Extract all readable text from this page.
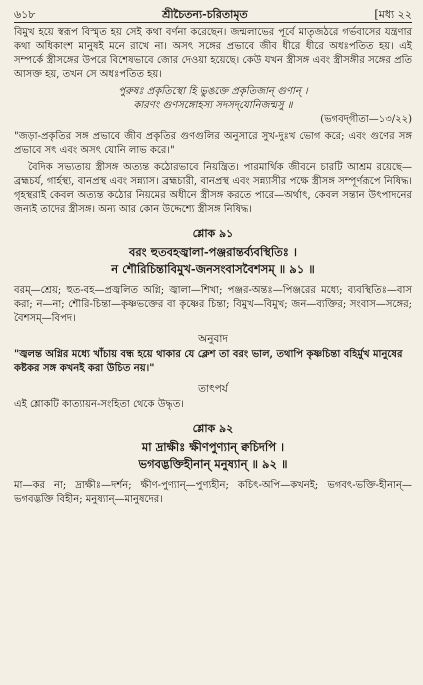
৬১৮	শ্রীচৈতন্য-চরিতামৃত	[মধ্য ২২

বিমুখ হয়ে স্বরূপ বিস্মৃত হয় সেই কথা বর্ণনা করেছেন। জন্মলাভের পূর্বে মাতৃজঠরে গর্ভবাসের যন্ত্রণার কথা অধিকাংশ মানুষই মনে রাখে না। অসৎ সঙ্গের প্রভাবে জীব ধীরে ধীরে অধঃপতিত হয়। এই সম্পর্কে স্ত্রীসঙ্গের উপরে বিশেষভাবে জোর দেওয়া হয়েছে। কেউ যখন স্ত্রীসঙ্গ এবং স্ত্রীসঙ্গীর সঙ্গের প্রতি আসক্ত হয়, তখন সে অধঃপতিত হয়।

পুরুষঃ প্রকৃতিস্থো হি ভুঙক্তে প্রকৃতিজান্ গুণান্ ।

কারণং গুণসঙ্গোহস্য সদসদ্‌যোনিজন্মসু ॥

(ভগবদ্‌গীতা—১৩/২২)

"জড়া-প্রকৃতির সঙ্গ প্রভাবে জীব প্রকৃতির গুণগুলির অনুসারে সুখ-দুঃখ ভোগ করে; এবং গুণের সঙ্গ প্রভাবে সৎ এবং অসৎ যোনি লাভ করে।"

বৈদিক সভ্যতায় স্ত্রীসঙ্গ অত্যন্ত কঠোরভাবে নিয়ন্ত্রিত। পারমার্থিক জীবনে চারটি আশ্রম রয়েছে—ব্রহ্মচর্য, গার্হস্থ্য, বানপ্রস্থ এবং সন্ন্যাস। ব্রহ্মচারী, বানপ্রস্থ এবং সন্ন্যাসীর পক্ষে স্ত্রীসঙ্গ সম্পূর্ণরূপে নিষিদ্ধ। গৃহস্থরাই কেবল অত্যন্ত কঠোর নিয়মের অধীনে স্ত্রীসঙ্গ করতে পারে—অর্থাৎ, কেবল সন্তান উৎপাদনের জন্যই তাদের স্ত্রীসঙ্গ। অন্য আর কোন উদ্দেশ্যে স্ত্রীসঙ্গ নিষিদ্ধ।

শ্লোক ৯১

বরং হুতবহজ্বালা-পঞ্জরান্তর্ব্যবস্থিতিঃ ।

ন শৌরিচিন্তাবিমুখ-জনসংবাসবৈশসম্ ॥ ৯১ ॥

বরম্—শ্রেয়; হুত-বহ—প্রজ্বলিত অগ্নি; জ্বালা—শিখা; পঞ্জর-অন্তঃ—পিঞ্জরের মধ্যে; ব্যবস্থিতিঃ—বাস করা; ন—না; শৌরি-চিন্তা—কৃষ্ণভক্তের বা কৃষ্ণের চিন্তা; বিমুখ—বিমুখ; জন—ব্যক্তির; সংবাস—সঙ্গের; বৈশসম্—বিপদ।

অনুবাদ

"জ্বলন্ত অগ্নির মধ্যে খাঁচায় বন্ধ হয়ে থাকার যে ক্লেশ তা বরং ভাল, তথাপি কৃষ্ণচিন্তা বহির্মুখ মানুষের কষ্টকর সঙ্গ কখনই করা উচিত নয়।"

তাৎপর্য

এই শ্লোকটি কাত্যায়ন-সংহিতা থেকে উদ্ধৃত।

শ্লোক ৯২

মা দ্রাক্ষীঃ ক্ষীণপুণ্যান্ ক্বচিদপি ।

ভগবদ্ভক্তিহীনান্ মনুষ্যান্ ॥ ৯২ ॥

মা—কর না; দ্রাক্ষীঃ—দর্শন; ক্ষীণ-পুণ্যান্—পুণ্যহীন; কচিৎ-অপি—কখনই; ভগবৎ-ভক্তি-হীনান্—ভগবদ্ভক্তি বিহীন; মনুষ্যান্—মানুষদের।
